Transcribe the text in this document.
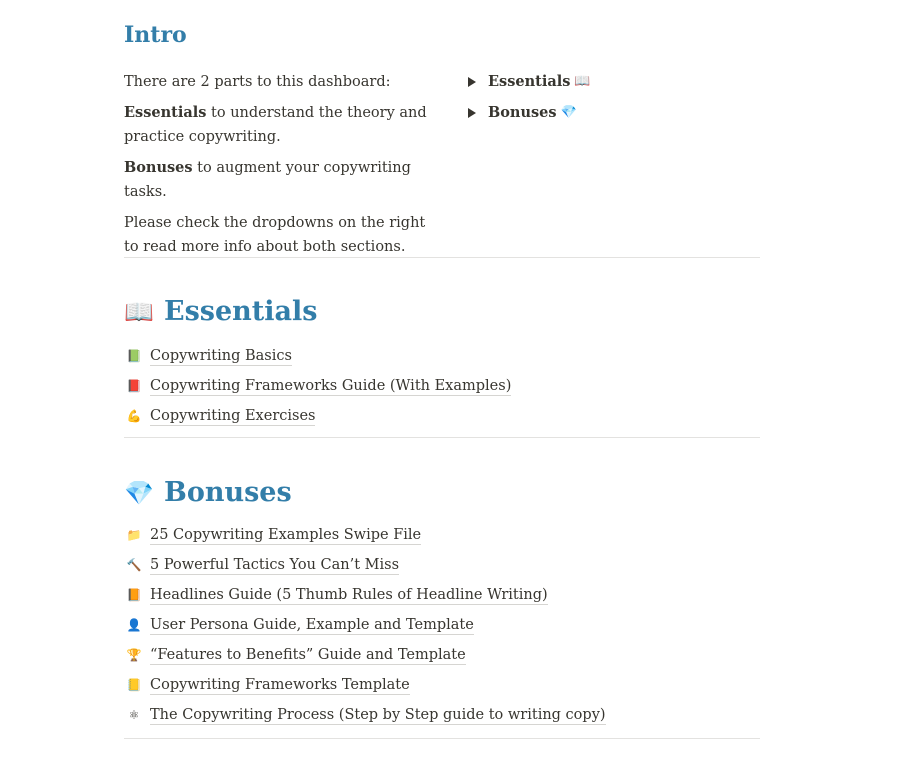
Intro

There are 2 parts to this dashboard:

Essentials to understand the theory and practice copywriting.

Bonuses to augment your copywriting tasks.

Please check the dropdowns on the right to read more info about both sections.

Essentials 📖
Bonuses 💎
📖 Essentials
📗 Copywriting Basics
📕 Copywriting Frameworks Guide (With Examples)
💪 Copywriting Exercises
💎 Bonuses
📁 25 Copywriting Examples Swipe File
🔨 5 Powerful Tactics You Can’t Miss
📙 Headlines Guide (5 Thumb Rules of Headline Writing)
👤 User Persona Guide, Example and Template
🏆 “Features to Benefits” Guide and Template
📒 Copywriting Frameworks Template
⚛ The Copywriting Process (Step by Step guide to writing copy)
